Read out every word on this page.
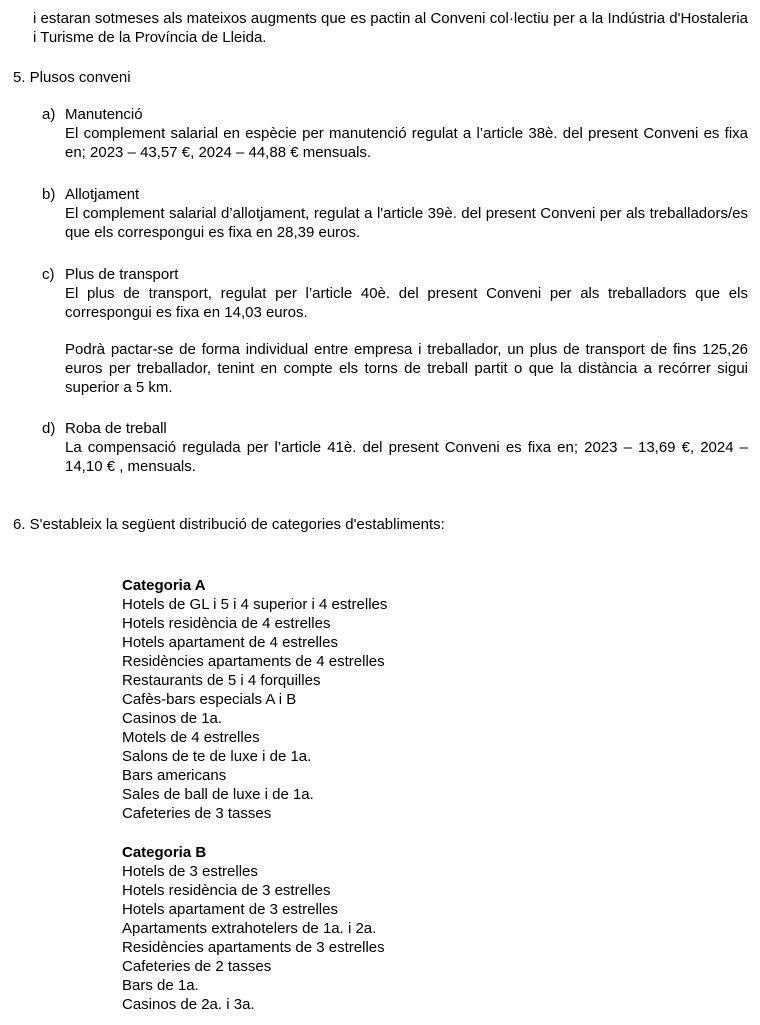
i estaran sotmeses als mateixos augments que es pactin al Conveni col·lectiu per a la Indústria d'Hostaleria i Turisme de la Província de Lleida.

5. Plusos conveni

a) Manutenció

El complement salarial en espècie per manutenció regulat a l’article 38è. del present Conveni es fixa en; 2023 – 43,57 €, 2024 – 44,88 € mensuals.

b) Allotjament

El complement salarial d’allotjament, regulat a l'article 39è. del present Conveni per als treballadors/es que els correspongui es fixa en 28,39 euros.

c) Plus de transport

El plus de transport, regulat per l’article 40è. del present Conveni per als treballadors que els correspongui es fixa en 14,03 euros.

Podrà pactar-se de forma individual entre empresa i treballador, un plus de transport de fins 125,26 euros per treballador, tenint en compte els torns de treball partit o que la distància a recórrer sigui superior a 5 km.

d) Roba de treball

La compensació regulada per l’article 41è. del present Conveni es fixa en; 2023 – 13,69 €, 2024 – 14,10 € , mensuals.

6. S'estableix la següent distribució de categories d'establiments:

Categoria A

Hotels de GL i 5 i 4 superior i 4 estrelles

Hotels residència de 4 estrelles

Hotels apartament de 4 estrelles

Residències apartaments de 4 estrelles

Restaurants de 5 i 4 forquilles

Cafès-bars especials A i B

Casinos de 1a.

Motels de 4 estrelles

Salons de te de luxe i de 1a.

Bars americans

Sales de ball de luxe i de 1a.

Cafeteries de 3 tasses

Categoria B

Hotels de 3 estrelles

Hotels residència de 3 estrelles

Hotels apartament de 3 estrelles

Apartaments extrahotelers de 1a. i 2a.

Residències apartaments de 3 estrelles

Cafeteries de 2 tasses

Bars de 1a.

Casinos de 2a. i 3a.
